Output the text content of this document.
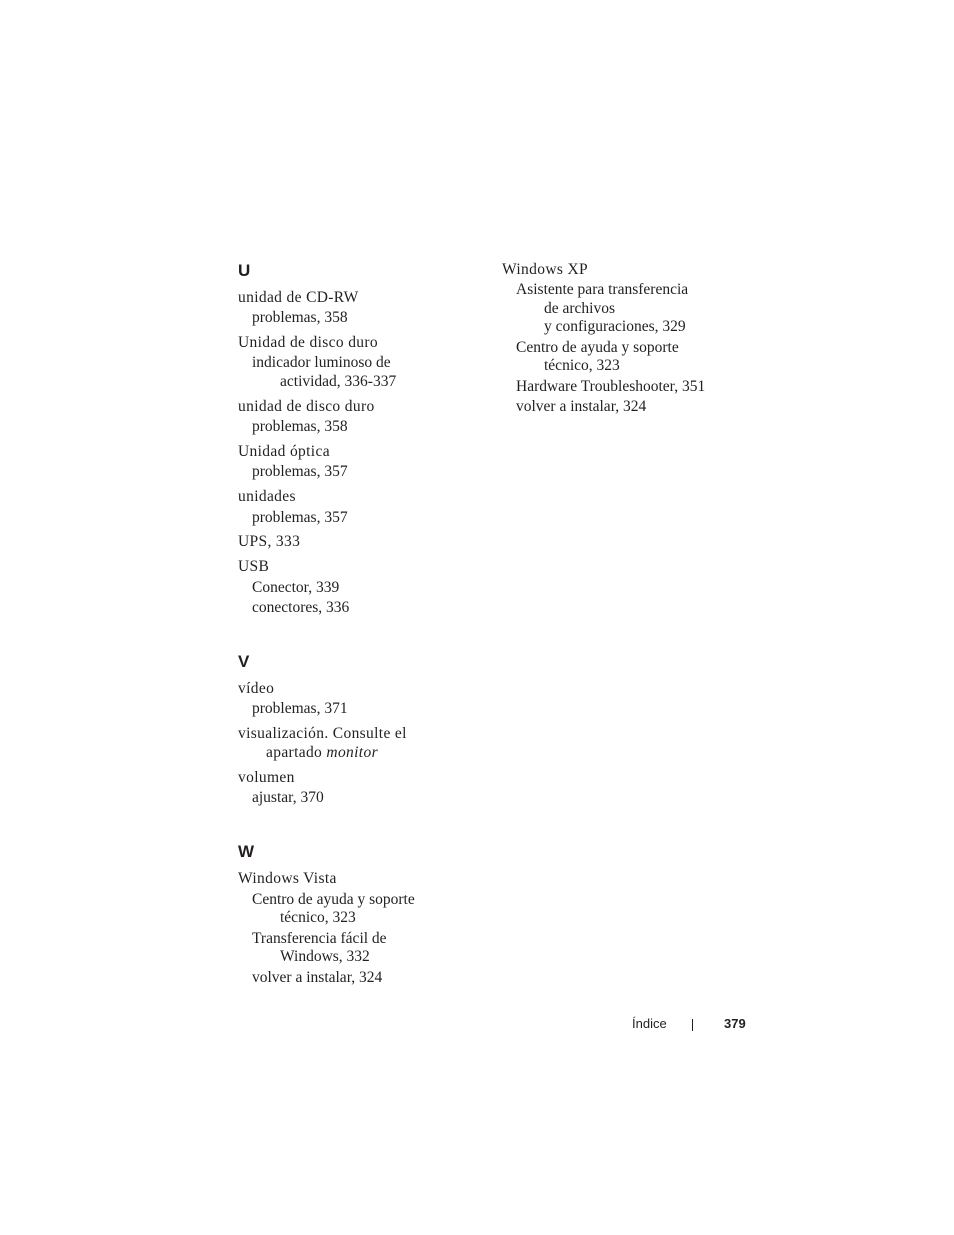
U
unidad de CD-RW
problemas, 358
Unidad de disco duro
indicador luminoso de
actividad, 336-337
unidad de disco duro
problemas, 358
Unidad óptica
problemas, 357
unidades
problemas, 357
UPS, 333
USB
Conector, 339
conectores, 336
V
vídeo
problemas, 371
visualización. Consulte el
apartado monitor
volumen
ajustar, 370
W
Windows Vista
Centro de ayuda y soporte
técnico, 323
Transferencia fácil de
Windows, 332
volver a instalar, 324
Windows XP
Asistente para transferencia
de archivos
y configuraciones, 329
Centro de ayuda y soporte
técnico, 323
Hardware Troubleshooter, 351
volver a instalar, 324
Índice	379
